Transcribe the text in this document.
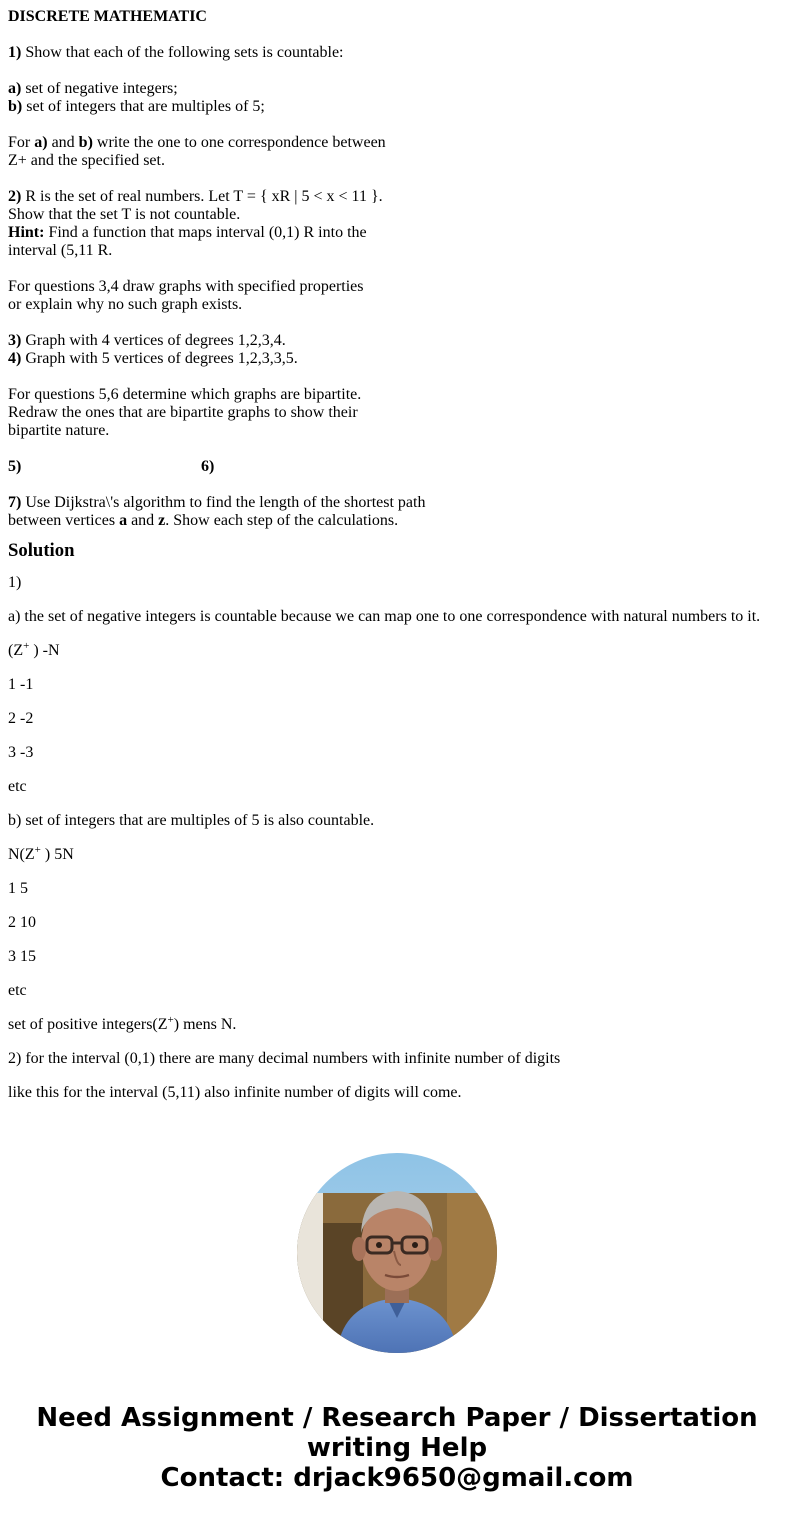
DISCRETE MATHEMATIC

1) Show that each of the following sets is countable:

a) set of negative integers;

b) set of integers that are multiples of 5;

For a) and b) write the one to one correspondence between

Z+ and the specified set.

2) R is the set of real numbers. Let T = { xR | 5 < x < 11 }.

Show that the set T is not countable.

Hint: Find a function that maps interval (0,1) R into the

interval (5,11 R.

For questions 3,4 draw graphs with specified properties

or explain why no such graph exists.

3) Graph with 4 vertices of degrees 1,2,3,4.

4) Graph with 5 vertices of degrees 1,2,3,3,5.

For questions 5,6 determine which graphs are bipartite.

Redraw the ones that are bipartite graphs to show their

bipartite nature.

5)	6)

7) Use Dijkstra\'s algorithm to find the length of the shortest path

between vertices a and z. Show each step of the calculations.

Solution

1)

a) the set of negative integers is countable because we can map one to one correspondence with natural numbers to it.

(Z+ ) -N

1 -1

2 -2

3 -3

etc

b) set of integers that are multiples of 5 is also countable.

N(Z+ ) 5N

1 5

2 10

3 15

etc

set of positive integers(Z+) mens N.

2) for the interval (0,1) there are many decimal numbers with infinite number of digits

like this for the interval (5,11) also infinite number of digits will come.

Need Assignment / Research Paper / Dissertation

writing Help

Contact: drjack9650@gmail.com
